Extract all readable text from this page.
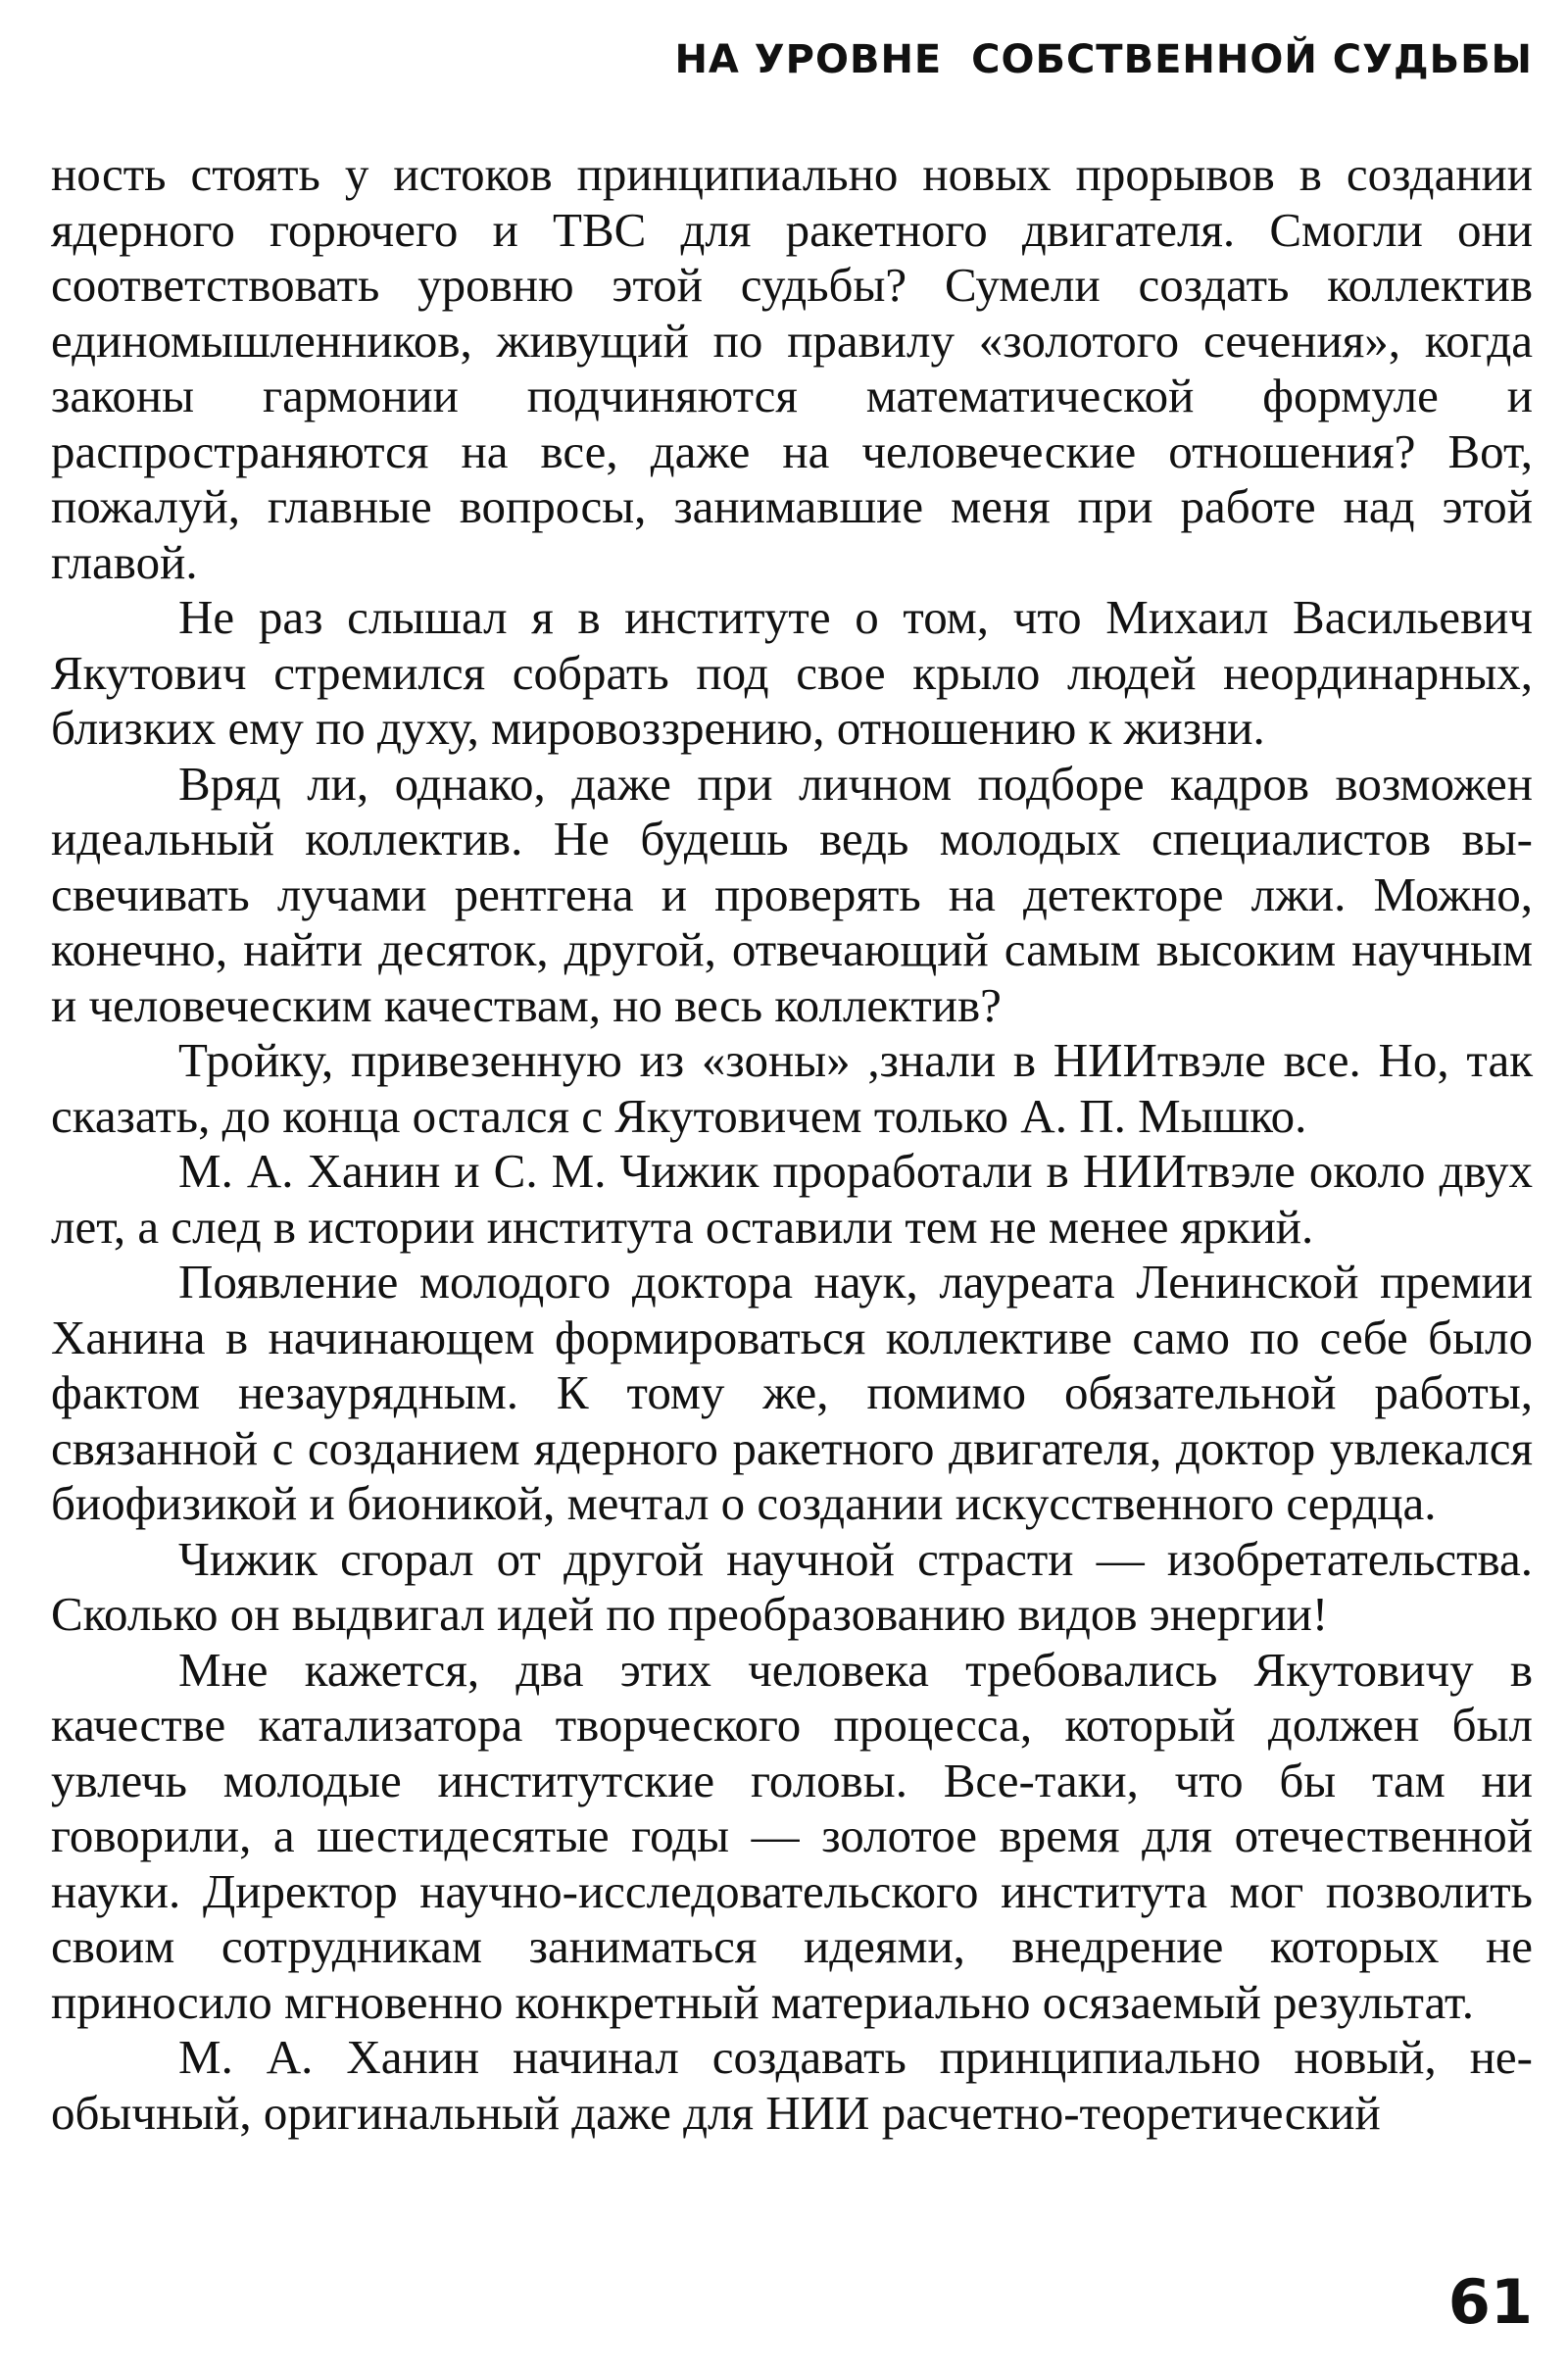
НА УРОВНЕ  СОБСТВЕННОЙ СУДЬБЫ

ность стоять у истоков принципиально новых прорывов в создании ядерного горючего и ТВС для ракетного двигателя. Смогли они соответствовать уровню этой судьбы? Сумели создать коллектив единомышленников, живущий по правилу «золотого сечения», когда законы гармонии подчиняются математической формуле и распространяются на все, даже на человеческие отношения? Вот, пожалуй, главные вопросы, занимавшие меня при работе над этой главой.

Не раз слышал я в институте о том, что Михаил Васильевич Якутович стремился собрать под свое крыло людей неординарных, близких ему по духу, мировоззрению, отношению к жизни.

Вряд ли, однако, даже при личном подборе кадров возможен идеальный коллектив. Не будешь ведь молодых специалистов высвечивать лучами рентгена и проверять на детекторе лжи. Можно, конечно, найти десяток, другой, отвечающий самым высоким научным и человеческим качествам, но весь коллектив?

Тройку, привезенную из «зоны» ,знали в НИИтвэле все. Но, так сказать, до конца остался с Якутовичем только А. П. Мышко.

М. А. Ханин и С. М. Чижик проработали в НИИтвэле около двух лет, а след в истории института оставили тем не менее яркий.

Появление молодого доктора наук, лауреата Ленинской премии Ханина в начинающем формироваться коллективе само по себе было фактом незаурядным. К тому же, помимо обязательной работы, связанной с созданием ядерного ракетного двигателя, доктор увлекался биофизикой и бионикой, мечтал о создании искусственного сердца.

Чижик сгорал от другой научной страсти — изобретательства. Сколько он выдвигал идей по преобразованию видов энергии!

Мне кажется, два этих человека требовались Якутовичу в качестве катализатора творческого процесса, который должен был увлечь молодые институтские головы. Все-таки, что бы там ни говорили, а шестидесятые годы — золотое время для отечественной науки. Директор научно-исследовательского института мог позволить своим сотрудникам заниматься идеями, внедрение которых не приносило мгновенно конкретный материально осязаемый результат.

М. А. Ханин начинал создавать принципиально новый, необычный, оригинальный даже для НИИ расчетно-теоретический

61
